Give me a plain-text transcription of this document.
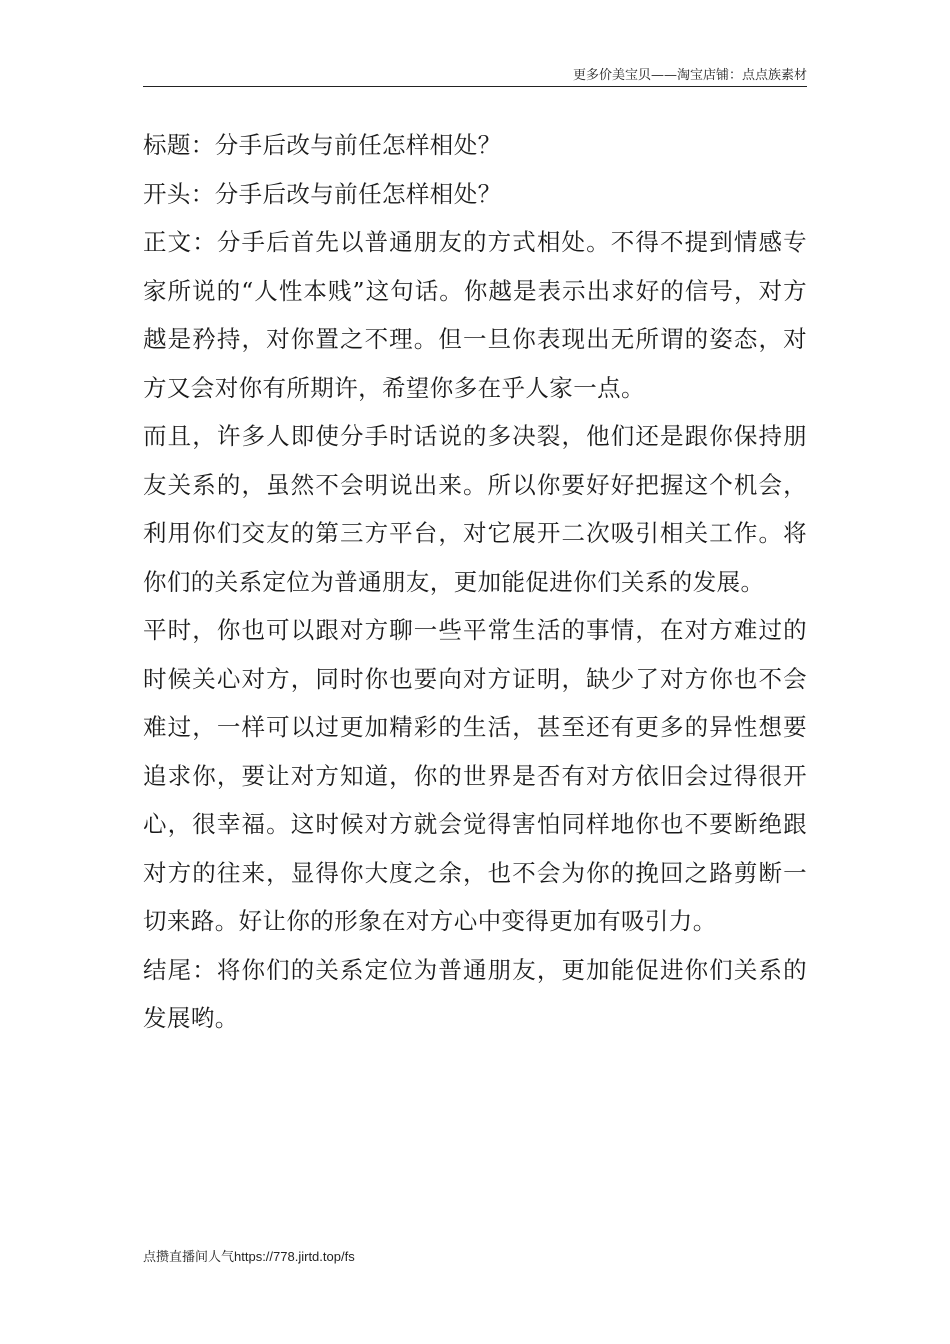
更多价美宝贝——淘宝店铺：点点族素材

标题：分手后改与前任怎样相处？

开头：分手后改与前任怎样相处？

正文：分手后首先以普通朋友的方式相处。不得不提到情感专家所说的“人性本贱”这句话。你越是表示出求好的信号，对方越是矜持，对你置之不理。但一旦你表现出无所谓的姿态，对方又会对你有所期许，希望你多在乎人家一点。

而且，许多人即使分手时话说的多决裂，他们还是跟你保持朋友关系的，虽然不会明说出来。所以你要好好把握这个机会，利用你们交友的第三方平台，对它展开二次吸引相关工作。将你们的关系定位为普通朋友，更加能促进你们关系的发展。

平时，你也可以跟对方聊一些平常生活的事情，在对方难过的时候关心对方，同时你也要向对方证明，缺少了对方你也不会难过，一样可以过更加精彩的生活，甚至还有更多的异性想要追求你，要让对方知道，你的世界是否有对方依旧会过得很开心，很幸福。这时候对方就会觉得害怕同样地你也不要断绝跟对方的往来，显得你大度之余，也不会为你的挽回之路剪断一切来路。好让你的形象在对方心中变得更加有吸引力。

结尾：将你们的关系定位为普通朋友，更加能促进你们关系的发展哟。

点攒直播间人气https://778.jirtd.top/fs
